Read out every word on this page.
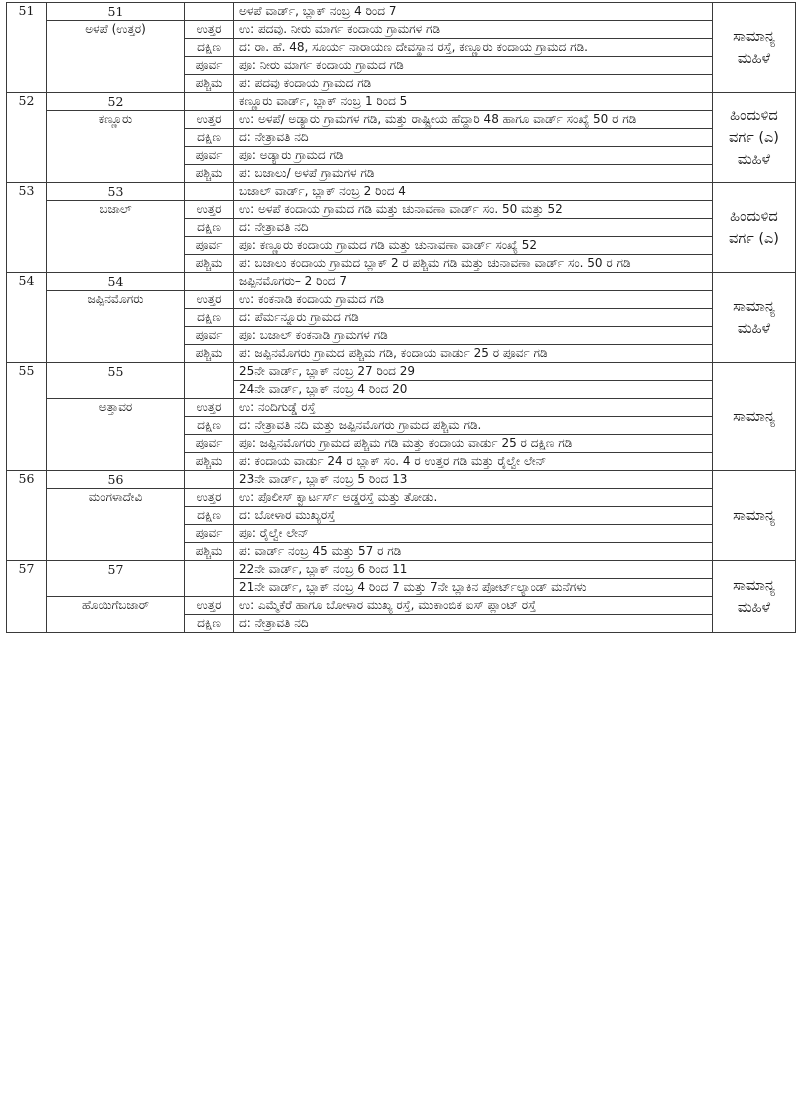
51	51		ಅಳಪೆ ವಾರ್ಡ್, ಬ್ಲಾಕ್ ನಂಬ್ರ 4 ರಿಂದ 7	ಸಾಮಾನ್ಯ ಮಹಿಳೆ
	ಅಳಪೆ (ಉತ್ತರ)	ಉತ್ತರ	ಉ: ಪದವು. ನೀರು ಮಾರ್ಗ ಕಂದಾಯ ಗ್ರಾಮಗಳ ಗಡಿ	
		ದಕ್ಷಿಣ	ದ: ರಾ. ಹೆ. 48, ಸೂರ್ಯ ನಾರಾಯಣ ದೇವಸ್ಥಾನ ರಸ್ತೆ, ಕಣ್ಣೂರು ಕಂದಾಯ ಗ್ರಾಮದ ಗಡಿ.	
		ಪೂರ್ವ	ಪೂ: ನೀರು ಮಾರ್ಗ ಕಂದಾಯ ಗ್ರಾಮದ ಗಡಿ	
		ಪಶ್ಚಿಮ	ಪ: ಪದವು ಕಂದಾಯ ಗ್ರಾಮದ ಗಡಿ	
52	52		ಕಣ್ಣೂರು ವಾರ್ಡ್, ಬ್ಲಾಕ್ ನಂಬ್ರ 1 ರಿಂದ 5	ಹಿಂದುಳಿದ ವರ್ಗ (ಎ) ಮಹಿಳೆ
	ಕಣ್ಣೂರು	ಉತ್ತರ	ಉ: ಅಳಪೆ/ ಅಡ್ಯಾರು ಗ್ರಾಮಗಳ ಗಡಿ, ಮತ್ತು ರಾಷ್ಟ್ರೀಯ ಹೆದ್ದಾರಿ 48 ಹಾಗೂ ವಾರ್ಡ್ ಸಂಖ್ಯೆ 50 ರ ಗಡಿ	
		ದಕ್ಷಿಣ	ದ: ನೇತ್ರಾವತಿ ನದಿ	
		ಪೂರ್ವ	ಪೂ: ಅಡ್ಯಾರು ಗ್ರಾಮದ ಗಡಿ	
		ಪಶ್ಚಿಮ	ಪ: ಬಜಾಲು/ ಅಳಪೆ ಗ್ರಾಮಗಳ ಗಡಿ	
53	53		ಬಜಾಲ್ ವಾರ್ಡ್, ಬ್ಲಾಕ್ ನಂಬ್ರ 2 ರಿಂದ 4	ಹಿಂದುಳಿದ ವರ್ಗ (ಎ)
	ಬಜಾಲ್	ಉತ್ತರ	ಉ: ಅಳಪೆ ಕಂದಾಯ ಗ್ರಾಮದ ಗಡಿ ಮತ್ತು ಚುನಾವಣಾ ವಾರ್ಡ್ ಸಂ. 50 ಮತ್ತು 52	
		ದಕ್ಷಿಣ	ದ: ನೇತ್ರಾವತಿ ನದಿ	
		ಪೂರ್ವ	ಪೂ: ಕಣ್ಣೂರು ಕಂದಾಯ ಗ್ರಾಮದ ಗಡಿ ಮತ್ತು ಚುನಾವಣಾ ವಾರ್ಡ್ ಸಂಖ್ಯೆ 52	
		ಪಶ್ಚಿಮ	ಪ: ಬಜಾಲು ಕಂದಾಯ ಗ್ರಾಮದ ಬ್ಲಾಕ್ 2 ರ ಪಶ್ಚಿಮ ಗಡಿ ಮತ್ತು ಚುನಾವಣಾ ವಾರ್ಡ್ ಸಂ. 50 ರ ಗಡಿ	
54	54		ಜಪ್ಪಿನಮೊಗರು– 2 ರಿಂದ 7	ಸಾಮಾನ್ಯ ಮಹಿಳೆ
	ಜಪ್ಪಿನಮೊಗರು	ಉತ್ತರ	ಉ: ಕಂಕನಾಡಿ ಕಂದಾಯ ಗ್ರಾಮದ ಗಡಿ	
		ದಕ್ಷಿಣ	ದ: ಪೆರ್ಮನ್ನೂರು ಗ್ರಾಮದ ಗಡಿ	
		ಪೂರ್ವ	ಪೂ: ಬಜಾಲ್ ಕಂಕನಾಡಿ ಗ್ರಾಮಗಳ ಗಡಿ	
		ಪಶ್ಚಿಮ	ಪ: ಜಪ್ಪಿನಮೊಗರು ಗ್ರಾಮದ ಪಶ್ಚಿಮ ಗಡಿ, ಕಂದಾಯ ವಾರ್ಡು 25 ರ ಪೂರ್ವ ಗಡಿ	
55	55		25ನೇ ವಾರ್ಡ್, ಬ್ಲಾಕ್ ನಂಬ್ರ 27 ರಿಂದ 29	ಸಾಮಾನ್ಯ
			24ನೇ ವಾರ್ಡ್, ಬ್ಲಾಕ್ ನಂಬ್ರ 4 ರಿಂದ 20	
	ಅತ್ತಾವರ	ಉತ್ತರ	ಉ: ನಂದಿಗುಡ್ಡೆ ರಸ್ತೆ	
		ದಕ್ಷಿಣ	ದ: ನೇತ್ರಾವತಿ ನದಿ ಮತ್ತು ಜಪ್ಪಿನಮೊಗರು ಗ್ರಾಮದ ಪಶ್ಚಿಮ ಗಡಿ.	
		ಪೂರ್ವ	ಪೂ: ಜಪ್ಪಿನಮೊಗರು ಗ್ರಾಮದ ಪಶ್ಚಿಮ ಗಡಿ ಮತ್ತು ಕಂದಾಯ ವಾರ್ಡು 25 ರ ದಕ್ಷಿಣ ಗಡಿ	
		ಪಶ್ಚಿಮ	ಪ: ಕಂದಾಯ ವಾರ್ಡು 24 ರ ಬ್ಲಾಕ್ ಸಂ. 4 ರ ಉತ್ತರ ಗಡಿ ಮತ್ತು ರೈಲ್ವೇ ಲೇನ್	
56	56		23ನೇ ವಾರ್ಡ್, ಬ್ಲಾಕ್ ನಂಬ್ರ 5 ರಿಂದ 13	ಸಾಮಾನ್ಯ
	ಮಂಗಳಾದೇವಿ	ಉತ್ತರ	ಉ: ಪೊಲೀಸ್ ಕ್ವಾರ್ಟರ್ಸ್ ಅಡ್ಡರಸ್ತೆ ಮತ್ತು ತೋಡು.	
		ದಕ್ಷಿಣ	ದ: ಬೋಳಾರ ಮುಖ್ಯರಸ್ತೆ	
		ಪೂರ್ವ	ಪೂ: ರೈಲ್ವೇ ಲೇನ್	
		ಪಶ್ಚಿಮ	ಪ: ವಾರ್ಡ್ ನಂಬ್ರ 45 ಮತ್ತು 57 ರ ಗಡಿ	
57	57		22ನೇ ವಾರ್ಡ್, ಬ್ಲಾಕ್ ನಂಬ್ರ 6 ರಿಂದ 11	ಸಾಮಾನ್ಯ ಮಹಿಳೆ
			21ನೇ ವಾರ್ಡ್, ಬ್ಲಾಕ್ ನಂಬ್ರ 4 ರಿಂದ 7 ಮತ್ತು 7ನೇ ಬ್ಲಾಕಿನ ಪೋರ್ಟ್‌ಲ್ಯಾಂಡ್ ಮನೆಗಳು	
	ಹೊಯಿಗೆಬಜಾರ್	ಉತ್ತರ	ಉ: ಎಮ್ಮೆಕೆರೆ ಹಾಗೂ ಬೋಳಾರ ಮುಖ್ಯ ರಸ್ತೆ, ಮುಕಾಂಬಿಕ ಐಸ್ ಪ್ಲಾಂಟ್ ರಸ್ತೆ	
		ದಕ್ಷಿಣ	ದ: ನೇತ್ರಾವತಿ ನದಿ	
